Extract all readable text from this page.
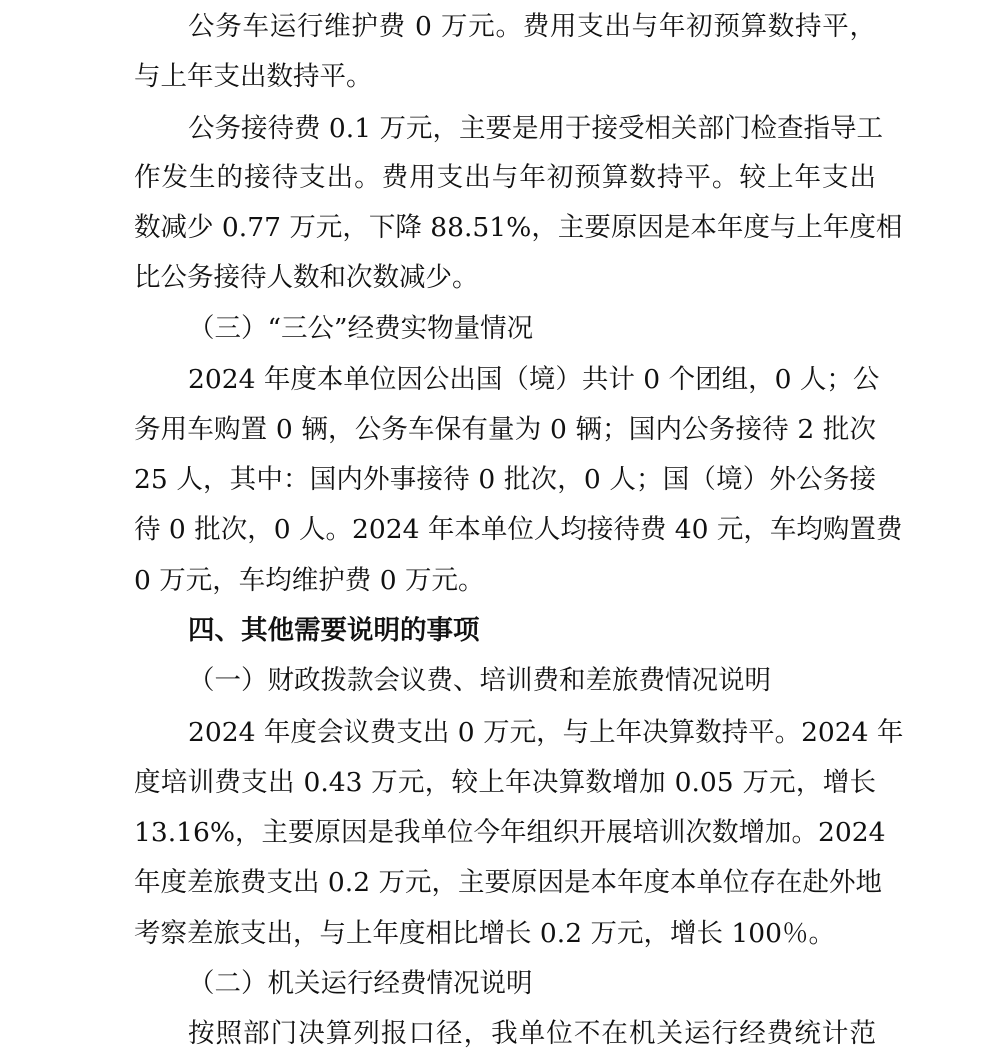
公务车运行维护费 0 万元。费用支出与年初预算数持平，
与上年支出数持平。
公务接待费 0.1 万元，主要是用于接受相关部门检查指导工
作发生的接待支出。费用支出与年初预算数持平。较上年支出
数减少 0.77 万元，下降 88.51%，主要原因是本年度与上年度相
比公务接待人数和次数减少。
（三）“三公”经费实物量情况
2024 年度本单位因公出国（境）共计 0 个团组，0 人；公
务用车购置 0 辆，公务车保有量为 0 辆；国内公务接待 2 批次
25 人，其中：国内外事接待 0 批次，0 人；国（境）外公务接
待 0 批次，0 人。2024 年本单位人均接待费 40 元，车均购置费
0 万元，车均维护费 0 万元。
四、其他需要说明的事项
（一）财政拨款会议费、培训费和差旅费情况说明
2024 年度会议费支出 0 万元，与上年决算数持平。2024 年
度培训费支出 0.43 万元，较上年决算数增加 0.05 万元，增长
13.16%，主要原因是我单位今年组织开展培训次数增加。2024
年度差旅费支出 0.2 万元，主要原因是本年度本单位存在赴外地
考察差旅支出，与上年度相比增长 0.2 万元，增长 100％。
（二）机关运行经费情况说明
按照部门决算列报口径，我单位不在机关运行经费统计范
